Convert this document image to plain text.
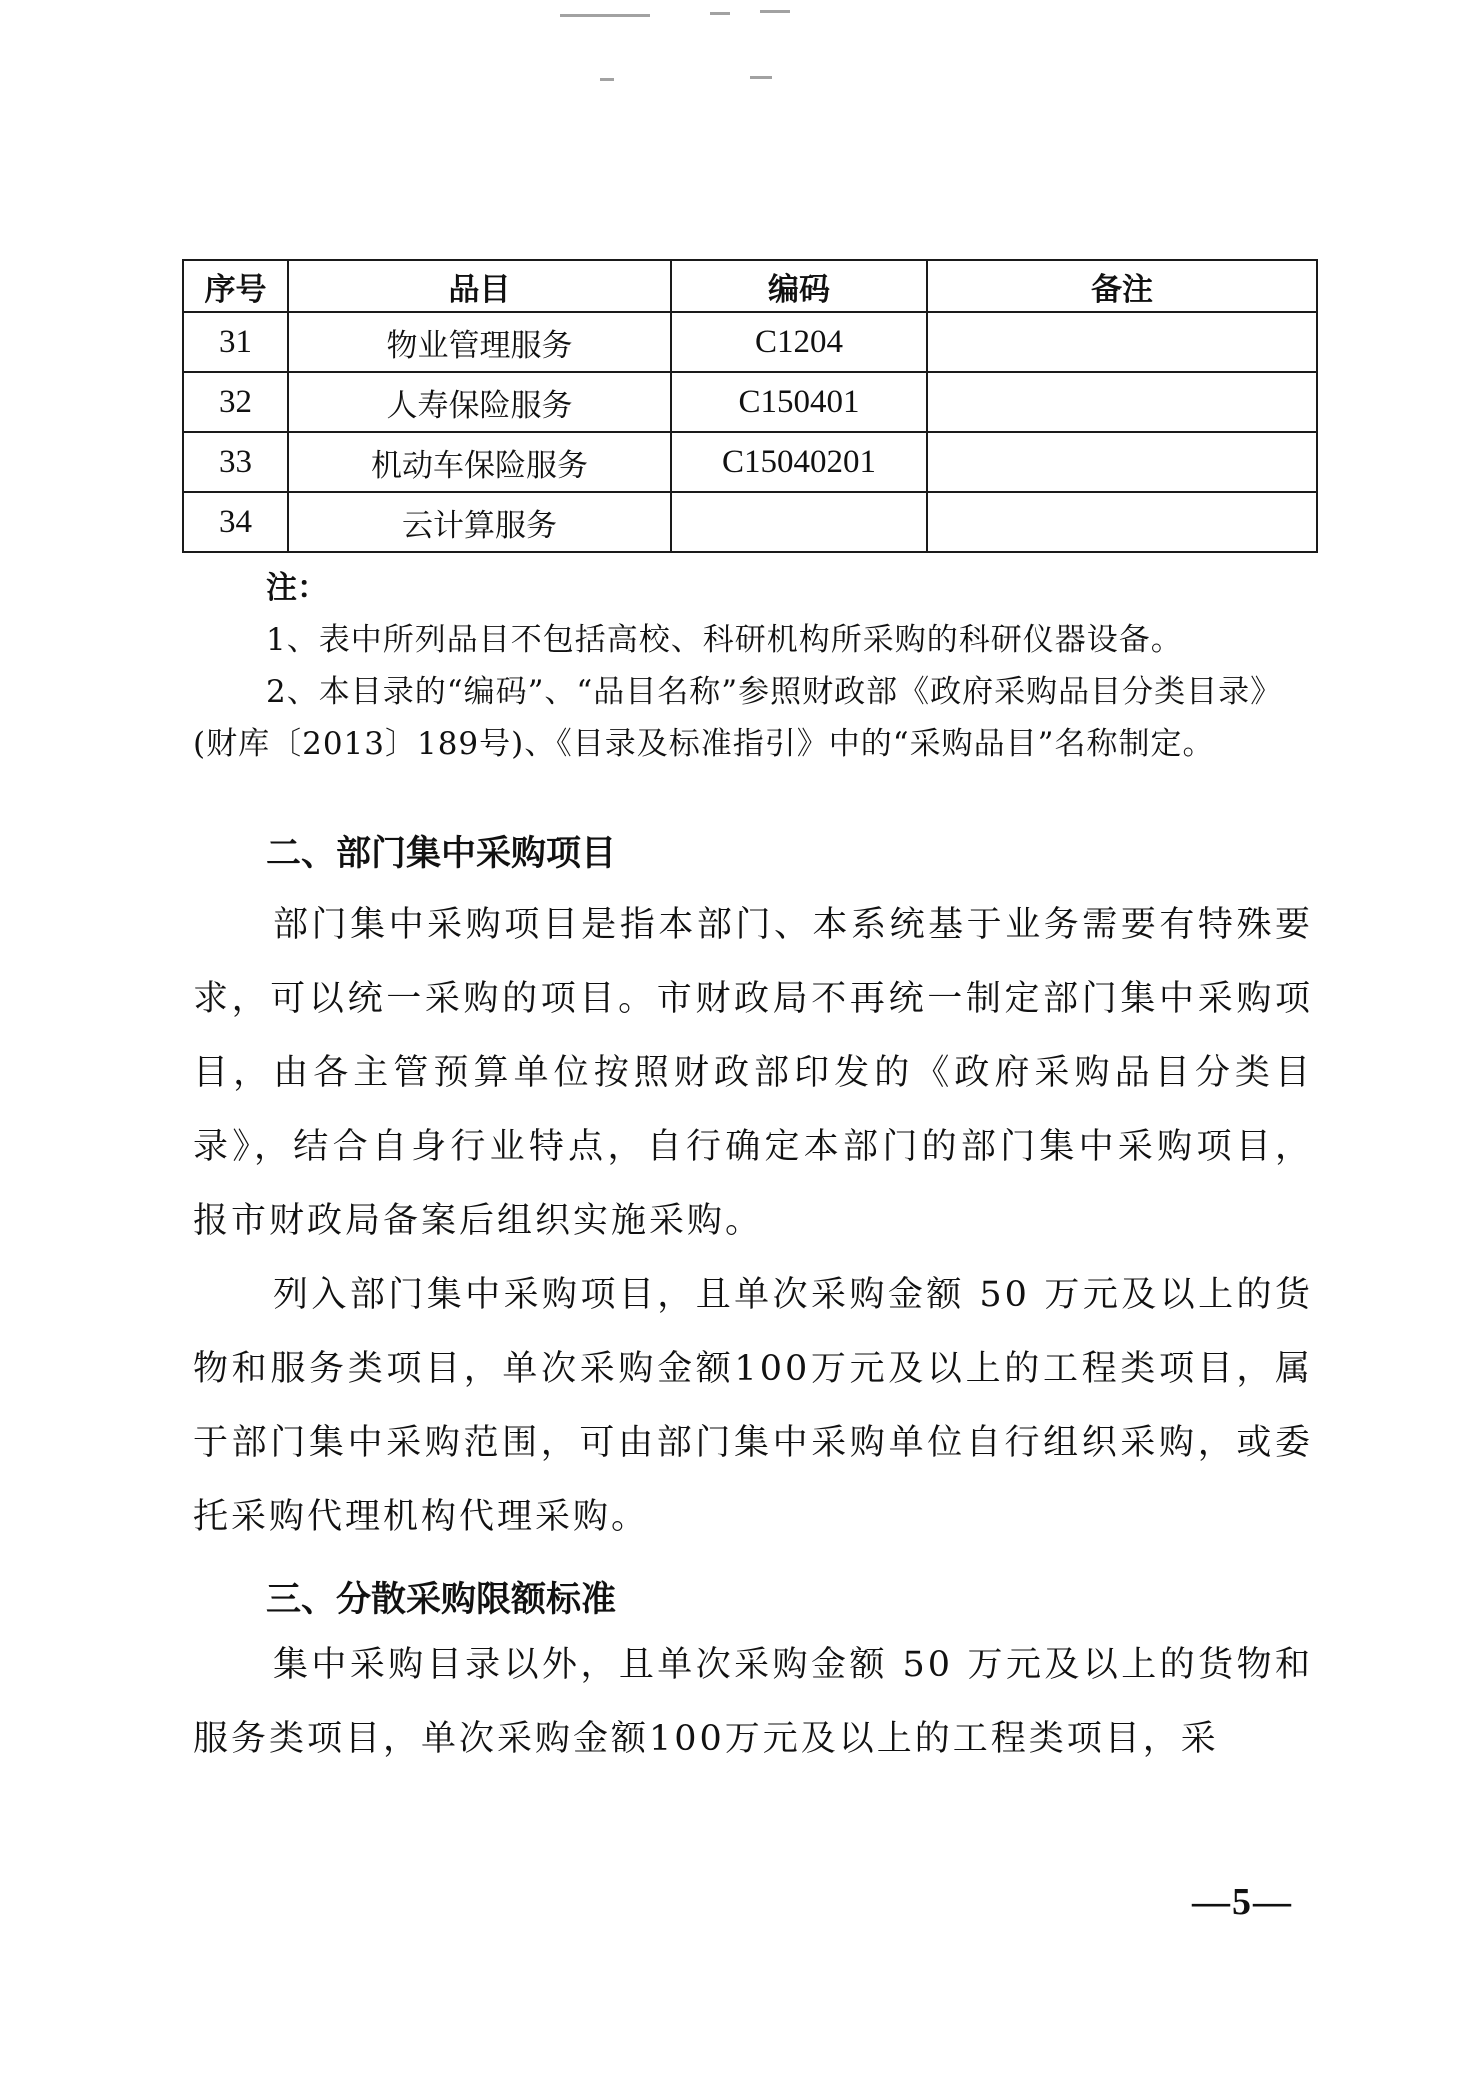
序号	品目	编码	备注
31	物业管理服务	C1204	
32	人寿保险服务	C150401	
33	机动车保险服务	C15040201	
34	云计算服务		
注：

1、表中所列品目不包括高校、科研机构所采购的科研仪器设备。

2、本目录的“编码”、“品目名称”参照财政部《政府采购品目分类目录》(财库〔2013〕189号)、《目录及标准指引》中的“采购品目”名称制定。

二、部门集中采购项目

部门集中采购项目是指本部门、本系统基于业务需要有特殊要求，可以统一采购的项目。市财政局不再统一制定部门集中采购项目，由各主管预算单位按照财政部印发的《政府采购品目分类目录》，结合自身行业特点，自行确定本部门的部门集中采购项目，报市财政局备案后组织实施采购。

列入部门集中采购项目，且单次采购金额 50 万元及以上的货物和服务类项目，单次采购金额100万元及以上的工程类项目，属于部门集中采购范围，可由部门集中采购单位自行组织采购，或委托采购代理机构代理采购。

三、分散采购限额标准

集中采购目录以外，且单次采购金额 50 万元及以上的货物和服务类项目，单次采购金额100万元及以上的工程类项目，采

—5—
